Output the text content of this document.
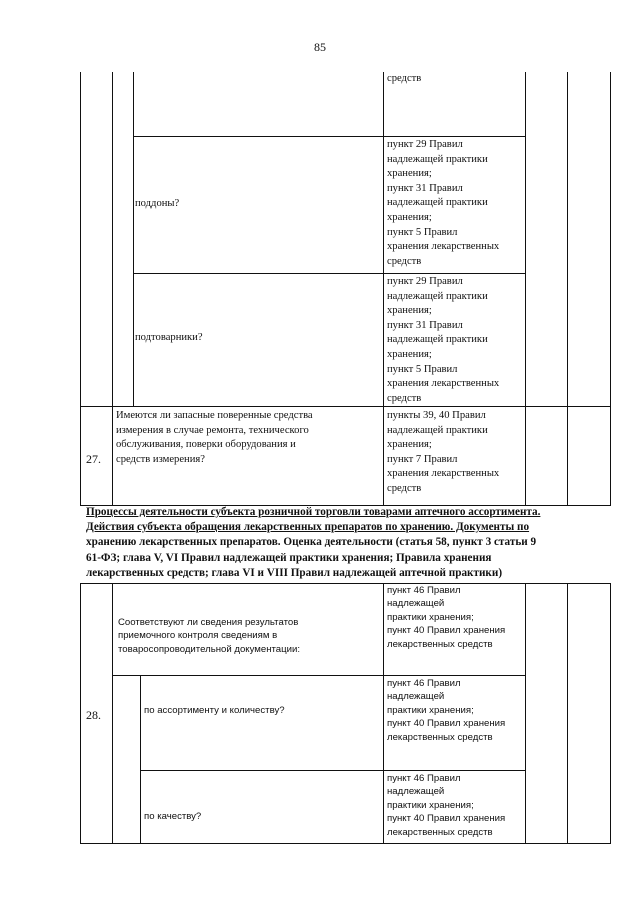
85
средств
поддоны?
пункт 29 Правил
надлежащей практики
хранения;
пункт 31 Правил
надлежащей практики
хранения;
пункт 5 Правил
хранения лекарственных
средств
подтоварники?
пункт 29 Правил
надлежащей практики
хранения;
пункт 31 Правил
надлежащей практики
хранения;
пункт 5 Правил
хранения лекарственных
средств
27.
Имеются ли запасные поверенные средства
измерения в случае ремонта, технического
обслуживания, поверки оборудования и
средств измерения?
пункты 39, 40 Правил
надлежащей практики
хранения;
пункт 7 Правил
хранения лекарственных
средств
Процессы деятельности субъекта розничной торговли товарами аптечного ассортимента.
Действия субъекта обращения лекарственных препаратов по хранению. Документы по
хранению лекарственных препаратов. Оценка деятельности (статья 58, пункт 3 статьи 9
61-ФЗ; глава V, VI Правил надлежащей практики хранения; Правила хранения
лекарственных средств; глава VI и VIII Правил надлежащей аптечной практики)
28.
Соответствуют ли сведения результатов
приемочного контроля сведениям в
товаросопроводительной документации:
пункт 46 Правил
надлежащей
практики хранения;
пункт 40 Правил хранения
лекарственных средств
по ассортименту и количеству?
пункт 46 Правил
надлежащей
практики хранения;
пункт 40 Правил хранения
лекарственных средств
по качеству?
пункт 46 Правил
надлежащей
практики хранения;
пункт 40 Правил хранения
лекарственных средств
